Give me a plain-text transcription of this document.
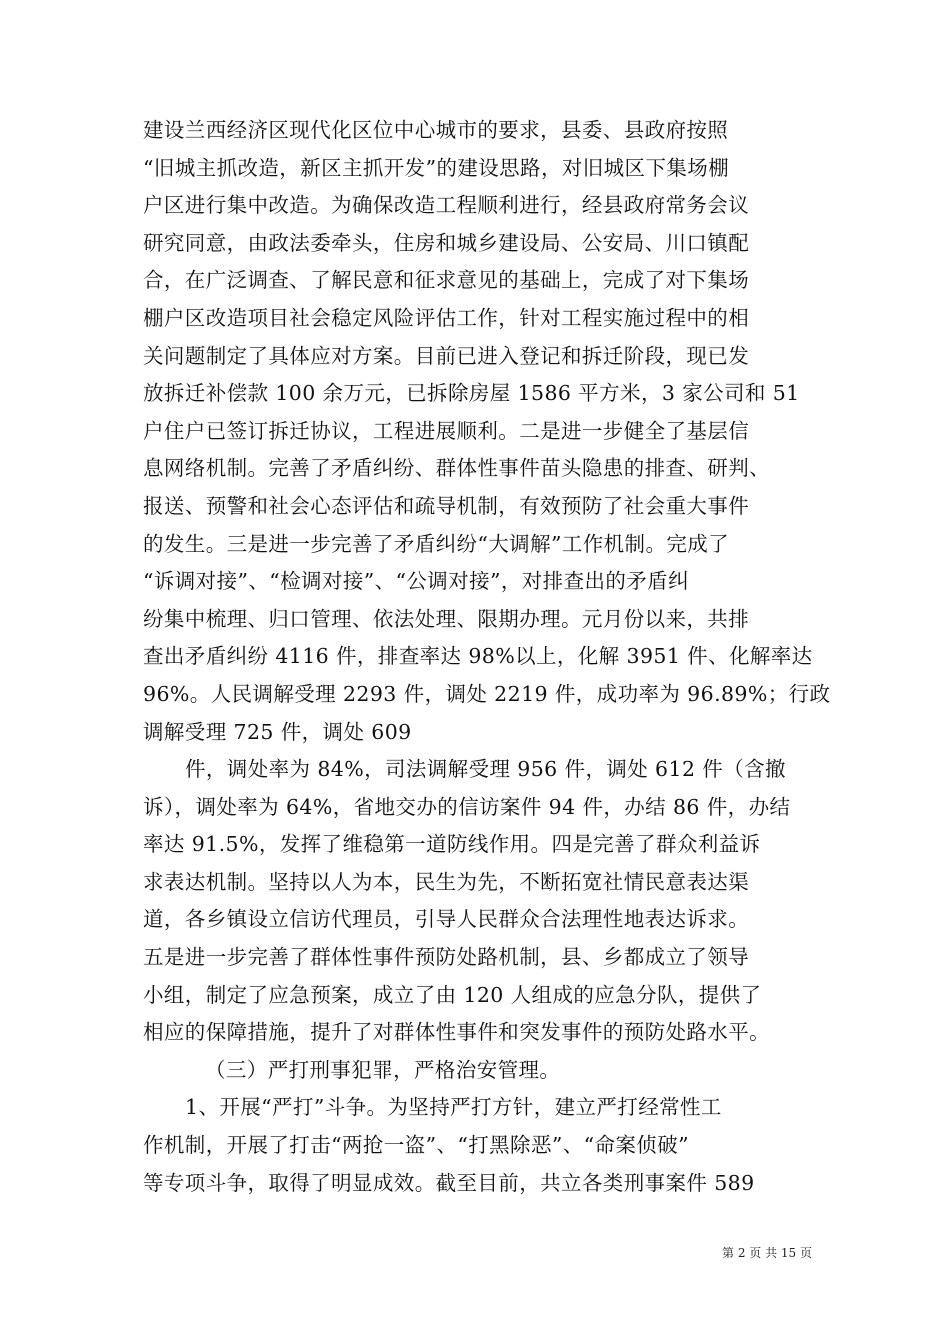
建设兰西经济区现代化区位中心城市的要求，县委、县政府按照
“旧城主抓改造，新区主抓开发”的建设思路，对旧城区下集场棚
户区进行集中改造。为确保改造工程顺利进行，经县政府常务会议
研究同意，由政法委牵头，住房和城乡建设局、公安局、川口镇配
合，在广泛调查、了解民意和征求意见的基础上，完成了对下集场
棚户区改造项目社会稳定风险评估工作，针对工程实施过程中的相
关问题制定了具体应对方案。目前已进入登记和拆迁阶段，现已发
放拆迁补偿款 100 余万元，已拆除房屋 1586 平方米，3 家公司和 51
户住户已签订拆迁协议，工程进展顺利。二是进一步健全了基层信
息网络机制。完善了矛盾纠纷、群体性事件苗头隐患的排查、研判、
报送、预警和社会心态评估和疏导机制，有效预防了社会重大事件
的发生。三是进一步完善了矛盾纠纷“大调解”工作机制。完成了
“诉调对接”、“检调对接”、“公调对接”，对排查出的矛盾纠
纷集中梳理、归口管理、依法处理、限期办理。元月份以来，共排
查出矛盾纠纷 4116 件，排查率达 98%以上，化解 3951 件、化解率达
96%。人民调解受理 2293 件，调处 2219 件，成功率为 96.89%；行政
调解受理 725 件，调处 609
件，调处率为 84%，司法调解受理 956 件，调处 612 件（含撤
诉），调处率为 64%，省地交办的信访案件 94 件，办结 86 件，办结
率达 91.5%，发挥了维稳第一道防线作用。四是完善了群众利益诉
求表达机制。坚持以人为本，民生为先，不断拓宽社情民意表达渠
道，各乡镇设立信访代理员，引导人民群众合法理性地表达诉求。
五是进一步完善了群体性事件预防处路机制，县、乡都成立了领导
小组，制定了应急预案，成立了由 120 人组成的应急分队，提供了
相应的保障措施，提升了对群体性事件和突发事件的预防处路水平。
（三）严打刑事犯罪，严格治安管理。
1、开展“严打”斗争。为坚持严打方针，建立严打经常性工
作机制，开展了打击“两抢一盗”、“打黑除恶”、“命案侦破”
等专项斗争，取得了明显成效。截至目前，共立各类刑事案件 589
第 2 页 共 15 页
